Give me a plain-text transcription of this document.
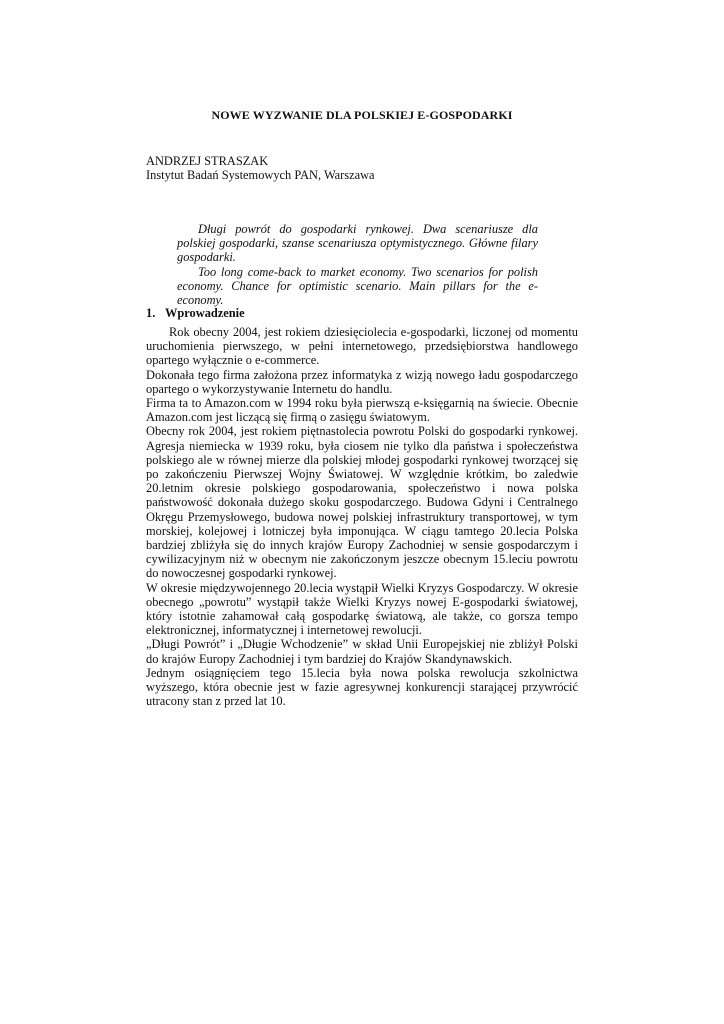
NOWE WYZWANIE DLA POLSKIEJ E-GOSPODARKI
ANDRZEJ STRASZAK
Instytut Badań Systemowych PAN, Warszawa

Długi powrót do gospodarki rynkowej. Dwa scenariusze dla polskiej gospodarki, szanse scenariusza optymistycznego. Główne filary gospodarki.

Too long come-back to market economy. Two scenarios for polish economy. Chance for optimistic scenario. Main pillars for the e-economy.

1. Wprowadzenie

Rok obecny 2004, jest rokiem dziesięciolecia e-gospodarki, liczonej od momentu uruchomienia pierwszego, w pełni internetowego, przedsiębiorstwa handlowego opartego wyłącznie o e-commerce.

Dokonała tego firma założona przez informatyka z wizją nowego ładu gospodarczego opartego o wykorzystywanie Internetu do handlu.

Firma ta to Amazon.com w 1994 roku była pierwszą e-księgarnią na świecie. Obecnie Amazon.com jest liczącą się firmą o zasięgu światowym.

Obecny rok 2004, jest rokiem piętnastolecia powrotu Polski do gospodarki rynkowej. Agresja niemiecka w 1939 roku, była ciosem nie tylko dla państwa i społeczeństwa polskiego ale w równej mierze dla polskiej młodej gospodarki rynkowej tworzącej się po zakończeniu Pierwszej Wojny Światowej. W względnie krótkim, bo zaledwie 20.letnim okresie polskiego gospodarowania, społeczeństwo i nowa polska państwowość dokonała dużego skoku gospodarczego. Budowa Gdyni i Centralnego Okręgu Przemysłowego, budowa nowej polskiej infrastruktury transportowej, w tym morskiej, kolejowej i lotniczej była imponująca. W ciągu tamtego 20.lecia Polska bardziej zbliżyła się do innych krajów Europy Zachodniej w sensie gospodarczym i cywilizacyjnym niż w obecnym nie zakończonym jeszcze obecnym 15.leciu powrotu do nowoczesnej gospodarki rynkowej.

W okresie międzywojennego 20.lecia wystąpił Wielki Kryzys Gospodarczy. W okresie obecnego „powrotu” wystąpił także Wielki Kryzys nowej E-gospodarki światowej, który istotnie zahamował całą gospodarkę światową, ale także, co gorsza tempo elektronicznej, informatycznej i internetowej rewolucji.

„Długi Powrót” i „Długie Wchodzenie” w skład Unii Europejskiej nie zbliżył Polski do krajów Europy Zachodniej i tym bardziej do Krajów Skandynawskich.

Jednym osiągnięciem tego 15.lecia była nowa polska rewolucja szkolnictwa wyższego, która obecnie jest w fazie agresywnej konkurencji starającej przywrócić utracony stan z przed lat 10.
